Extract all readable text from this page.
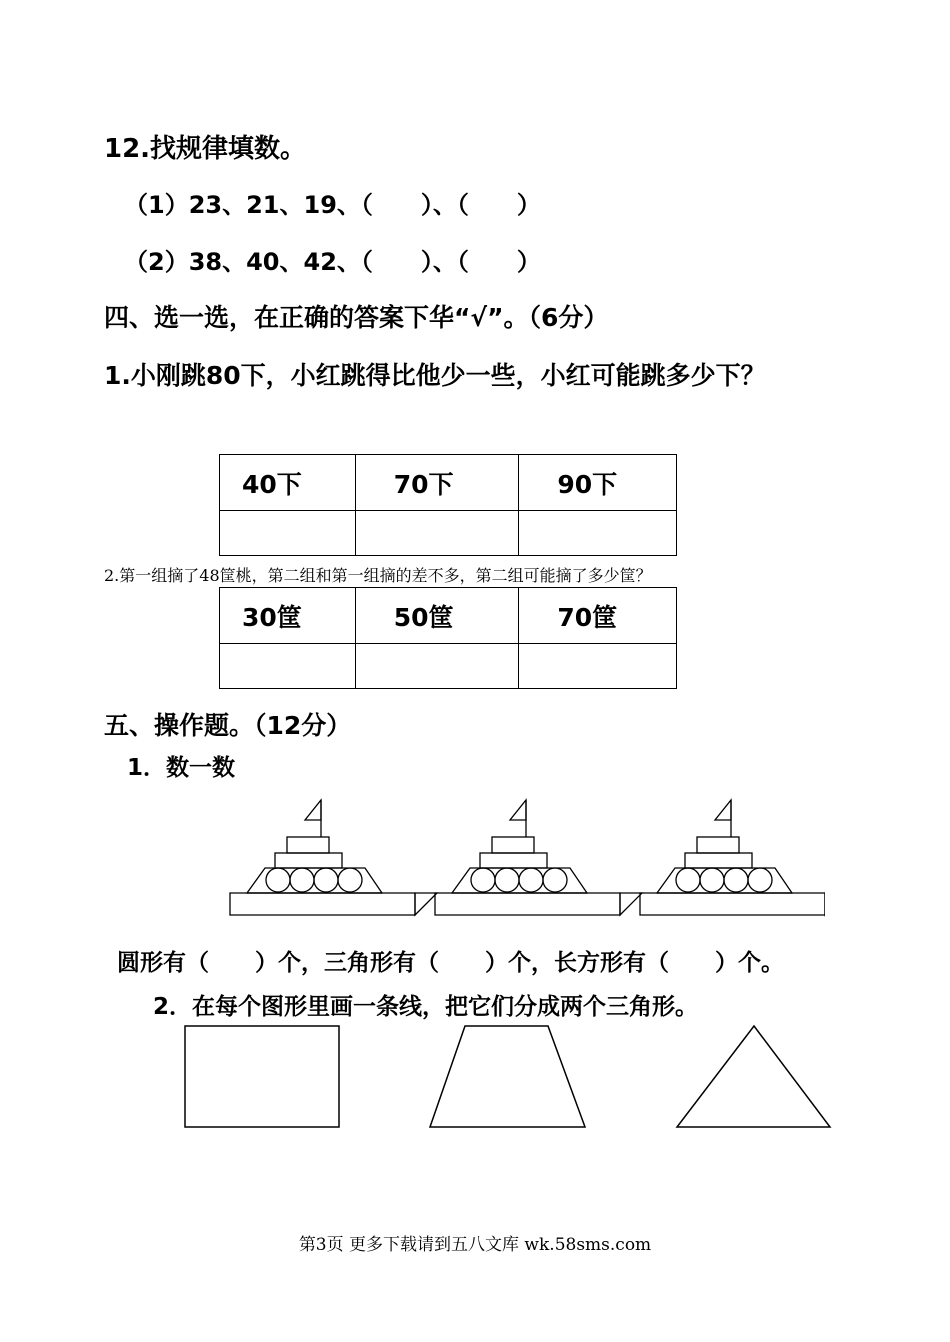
12.找规律填数。
（1）23、21、19、（　　）、（　　）
（2）38、40、42、（　　）、（　　）
四、选一选，在正确的答案下华“√”。（6分）
1.小刚跳80下，小红跳得比他少一些，小红可能跳多少下？
40下	70下	90下

2.第一组摘了48筐桃，第二组和第一组摘的差不多，第二组可能摘了多少筐？
30筐	50筐	70筐

五、操作题。（12分）
1．数一数
圆形有（　　）个，三角形有（　　）个，长方形有（　　）个。
2．在每个图形里画一条线，把它们分成两个三角形。
第3页 更多下载请到五八文库 wk.58sms.com
